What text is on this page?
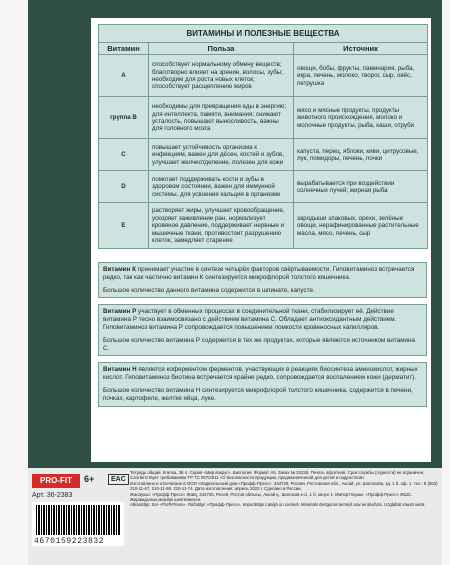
ВИТАМИНЫ И ПОЛЕЗНЫЕ ВЕЩЕСТВА
Витамин	Польза	Источник
A	способствует нормальному обмену веществ; благотворно влияет на зрение, волосы, зубы; необходим для роста новых клеток; способствует расщеплению жиров	овощи, бобы, фрукты, ламинария, рыба, икра, печень, молоко, творог, сыр, овёс, петрушка
группа B	необходимы для превращения еды в энергию; для интеллекта, памяти, внимания; снижают усталость, повышают выносливость, важны для головного мозга	мясо и мясные продукты, продукты животного происхождения, молоко и молочные продукты, рыба, каши, отруби
C	повышает устойчивость организма к инфекциям, важен для дёсен, костей и зубов, улучшает желчеотделение, полезен для кожи	капуста, перец, яблоки, киви, цитрусовые, лук, помидоры, печень, почки
D	помогает поддерживать кости и зубы в здоровом состоянии, важен для иммунной системы, для усвоения кальция в организме	вырабатывается при воздействии солнечных лучей; жирная рыба
E	растворяет жиры, улучшает кровообращение, ускоряет заживление ран, нормализует кровяное давление, поддерживает нервные и мышечные ткани, противостоит разрушению клеток, замедляет старение	зародыши злаковых, орехи, зелёные овощи, нерафинированные растительные масла, мясо, печень, сыр

Витамин К принимает участие в синтезе четырёх факторов свёртываемости. Гиповитаминоз встречается редко, так как частично витамин К синтезируется микрофлорой толстого кишечника.

Большое количество данного витамина содержится в шпинате, капусте.

Витамин Р участвует в обменных процессах в соединительной ткани, стабилизирует её. Действие витамина Р тесно взаимосвязано с действием витамина С. Обладает антиоксидантным действием. Гиповитаминоз витамина Р сопровождается повышением ломкости кровеносных капилляров.

Большое количество витамина Р содержится в тех же продуктах, которые являются источником витамина С.

Витамин Н является коферментом ферментов, участвующих в реакциях биосинтеза аминокислот, жирных кислот. Гиповитаминоз биотина встречается крайне редко, сопровождается воспалением кожи (дерматит).

Большое количество витамина Н синтезируется микрофлорой толстого кишечника, содержится в печени, почках, картофеле, желтке яйца, луке.

PRO-FIT	6+	EAC
Арт. 36-2383
4670159223832

Тетрадь общая. Клетка, 36 л. Серия «Мир вокруг». Биология. Формат А5. Заказ № 24229. Печать офсетная. Срок службы (годности) не ограничен. Соответствует требованиям ТР ТС 007/2011 «О безопасности продукции, предназначенной для детей и подростков».

Изготовлено и отпечатано в ООО «Издательский дом «Профф-Пресс». 344720, Россия, Ростовская обл., Аксай, ул. Шолохова, зд. 1 б, оф. 1. тел.: 8 (863) 210-11-67, 210-11-68, 210-11-74. Дата изготовления: апрель 2023 г. Сделано в России.

Жасаушы: «Профф-Пресс» ЖШҚ, 344720, Ресей, Ростов облысы, Аксай қ., Шолохов к-сі, 1 б, кеңсе 1. Импорттаушы: «Профф-Пресс» ЖШС. Жарамдылық мерзімі шектелмеген.

Atkarotājs: SIA «Proff-Press». Ražotājs: «Профф-Пресс». Importētājs Latvijā un Lietuvā. Minimāls derīguma termiņš nav ierobežots. Uzglabāt sausā vietā.
